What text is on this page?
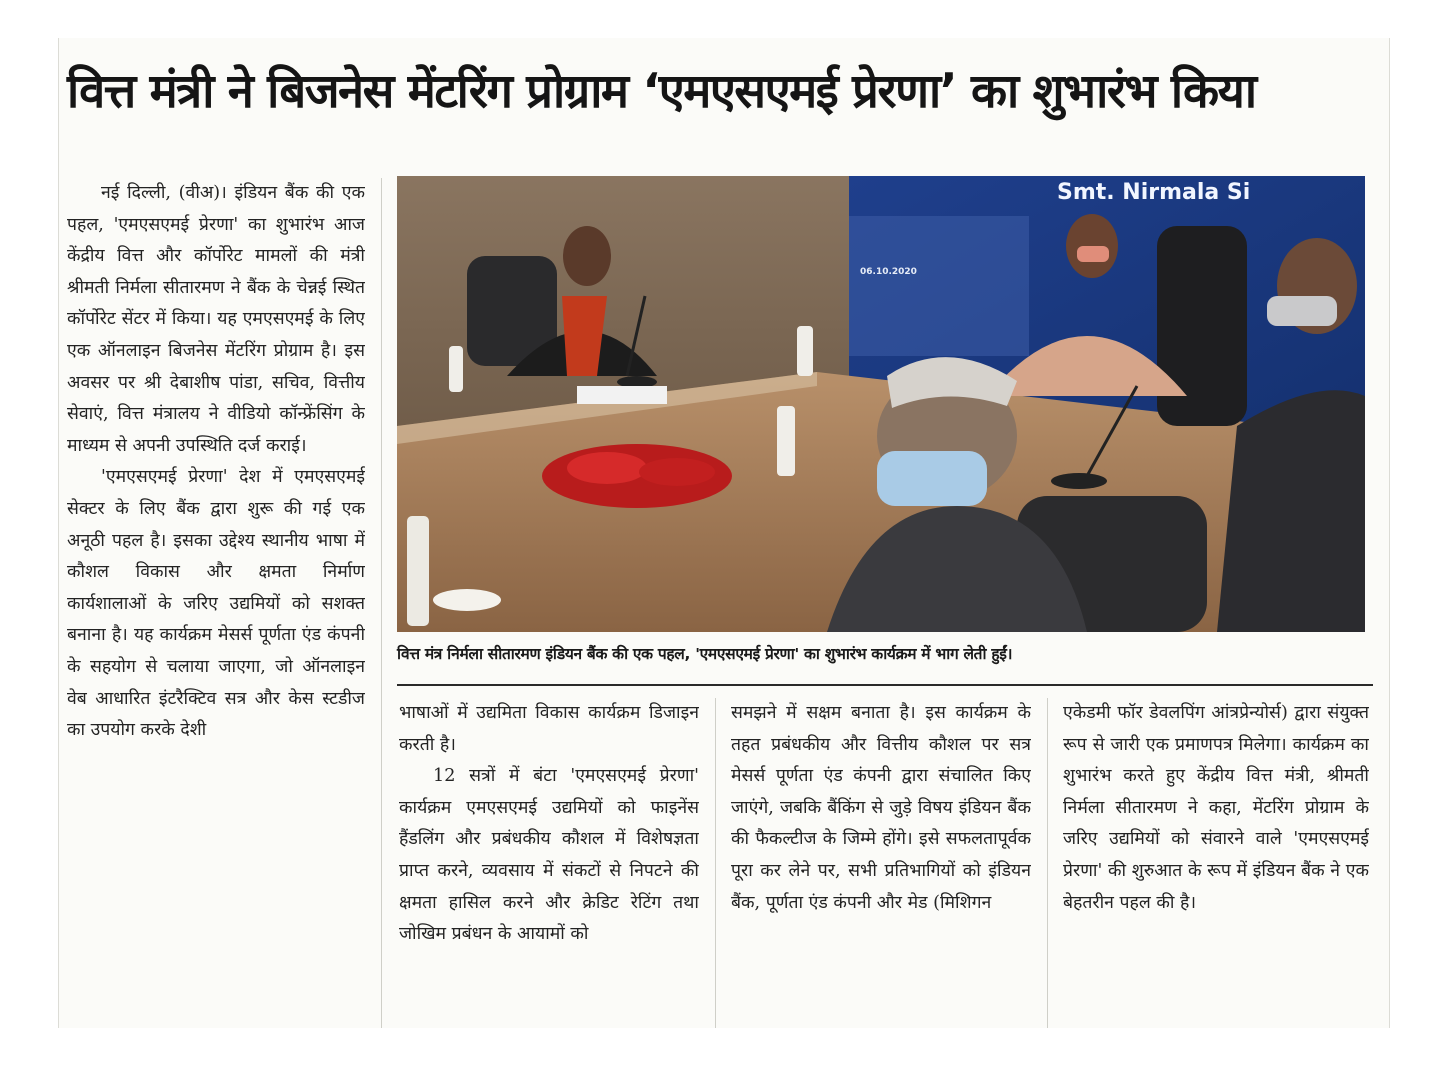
वित्त मंत्री ने बिजनेस मेंटरिंग प्रोग्राम ‘एमएसएमई प्रेरणा’ का शुभारंभ किया

नई दिल्ली, (वीअ)। इंडियन बैंक की एक पहल, 'एमएसएमई प्रेरणा' का शुभारंभ आज केंद्रीय वित्त और कॉर्पोरेट मामलों की मंत्री श्रीमती निर्मला सीतारमण ने बैंक के चेन्नई स्थित कॉर्पोरेट सेंटर में किया। यह एमएसएमई के लिए एक ऑनलाइन बिजनेस मेंटरिंग प्रोग्राम है। इस अवसर पर श्री देबाशीष पांडा, सचिव, वित्तीय सेवाएं, वित्त मंत्रालय ने वीडियो कॉन्फ्रेंसिंग के माध्यम से अपनी उपस्थिति दर्ज कराई।

'एमएसएमई प्रेरणा' देश में एमएसएमई सेक्टर के लिए बैंक द्वारा शुरू की गई एक अनूठी पहल है। इसका उद्देश्य स्थानीय भाषा में कौशल विकास और क्षमता निर्माण कार्यशालाओं के जरिए उद्यमियों को सशक्त बनाना है। यह कार्यक्रम मेसर्स पूर्णता एंड कंपनी के सहयोग से चलाया जाएगा, जो ऑनलाइन वेब आधारित इंटरैक्टिव सत्र और केस स्टडीज का उपयोग करके देशी

Smt. Nirmala Si
06.10.2020
वित्त मंत्र निर्मला सीतारमण इंडियन बैंक की एक पहल, 'एमएसएमई प्रेरणा' का शुभारंभ कार्यक्रम में भाग लेती हुईं।

भाषाओं में उद्यमिता विकास कार्यक्रम डिजाइन करती है।

12 सत्रों में बंटा 'एमएसएमई प्रेरणा' कार्यक्रम एमएसएमई उद्यमियों को फाइनेंस हैंडलिंग और प्रबंधकीय कौशल में विशेषज्ञता प्राप्त करने, व्यवसाय में संकटों से निपटने की क्षमता हासिल करने और क्रेडिट रेटिंग तथा जोखिम प्रबंधन के आयामों को

समझने में सक्षम बनाता है। इस कार्यक्रम के तहत प्रबंधकीय और वित्तीय कौशल पर सत्र मेसर्स पूर्णता एंड कंपनी द्वारा संचालित किए जाएंगे, जबकि बैंकिंग से जुड़े विषय इंडियन बैंक की फैकल्टीज के जिम्मे होंगे। इसे सफलतापूर्वक पूरा कर लेने पर, सभी प्रतिभागियों को इंडियन बैंक, पूर्णता एंड कंपनी और मेड (मिशिगन

एकेडमी फॉर डेवलपिंग आंत्रप्रेन्योर्स) द्वारा संयुक्त रूप से जारी एक प्रमाणपत्र मिलेगा। कार्यक्रम का शुभारंभ करते हुए केंद्रीय वित्त मंत्री, श्रीमती निर्मला सीतारमण ने कहा, मेंटरिंग प्रोग्राम के जरिए उद्यमियों को संवारने वाले 'एमएसएमई प्रेरणा' की शुरुआत के रूप में इंडियन बैंक ने एक बेहतरीन पहल की है।
